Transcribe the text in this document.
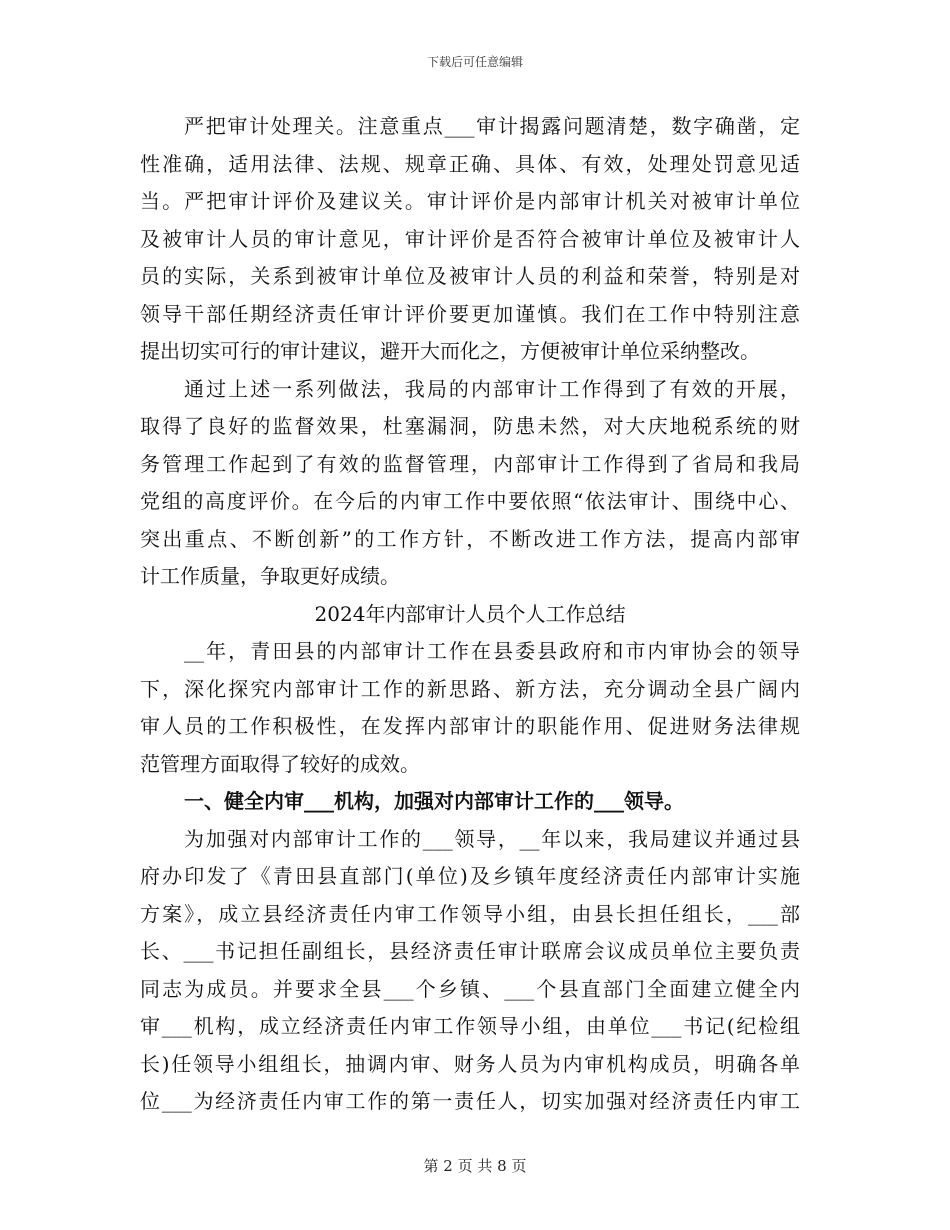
下载后可任意编辑
严把审计处理关。注意重点___审计揭露问题清楚，数字确凿，定
性准确，适用法律、法规、规章正确、具体、有效，处理处罚意见适
当。严把审计评价及建议关。审计评价是内部审计机关对被审计单位
及被审计人员的审计意见，审计评价是否符合被审计单位及被审计人
员的实际，关系到被审计单位及被审计人员的利益和荣誉，特别是对
领导干部任期经济责任审计评价要更加谨慎。我们在工作中特别注意
提出切实可行的审计建议，避开大而化之，方便被审计单位采纳整改。
通过上述一系列做法，我局的内部审计工作得到了有效的开展，
取得了良好的监督效果，杜塞漏洞，防患未然，对大庆地税系统的财
务管理工作起到了有效的监督管理，内部审计工作得到了省局和我局
党组的高度评价。在今后的内审工作中要依照“依法审计、围绕中心、
突出重点、不断创新”的工作方针，不断改进工作方法，提高内部审
计工作质量，争取更好成绩。
2024年内部审计人员个人工作总结
__年，青田县的内部审计工作在县委县政府和市内审协会的领导
下，深化探究内部审计工作的新思路、新方法，充分调动全县广阔内
审人员的工作积极性，在发挥内部审计的职能作用、促进财务法律规
范管理方面取得了较好的成效。
一、健全内审___机构，加强对内部审计工作的___领导。
为加强对内部审计工作的___领导，__年以来，我局建议并通过县
府办印发了《青田县直部门(单位)及乡镇年度经济责任内部审计实施
方案》，成立县经济责任内审工作领导小组，由县长担任组长，___部
长、___书记担任副组长，县经济责任审计联席会议成员单位主要负责
同志为成员。并要求全县___个乡镇、___个县直部门全面建立健全内
审___机构，成立经济责任内审工作领导小组，由单位___书记(纪检组
长)任领导小组组长，抽调内审、财务人员为内审机构成员，明确各单
位___为经济责任内审工作的第一责任人，切实加强对经济责任内审工
第 2 页 共 8 页
